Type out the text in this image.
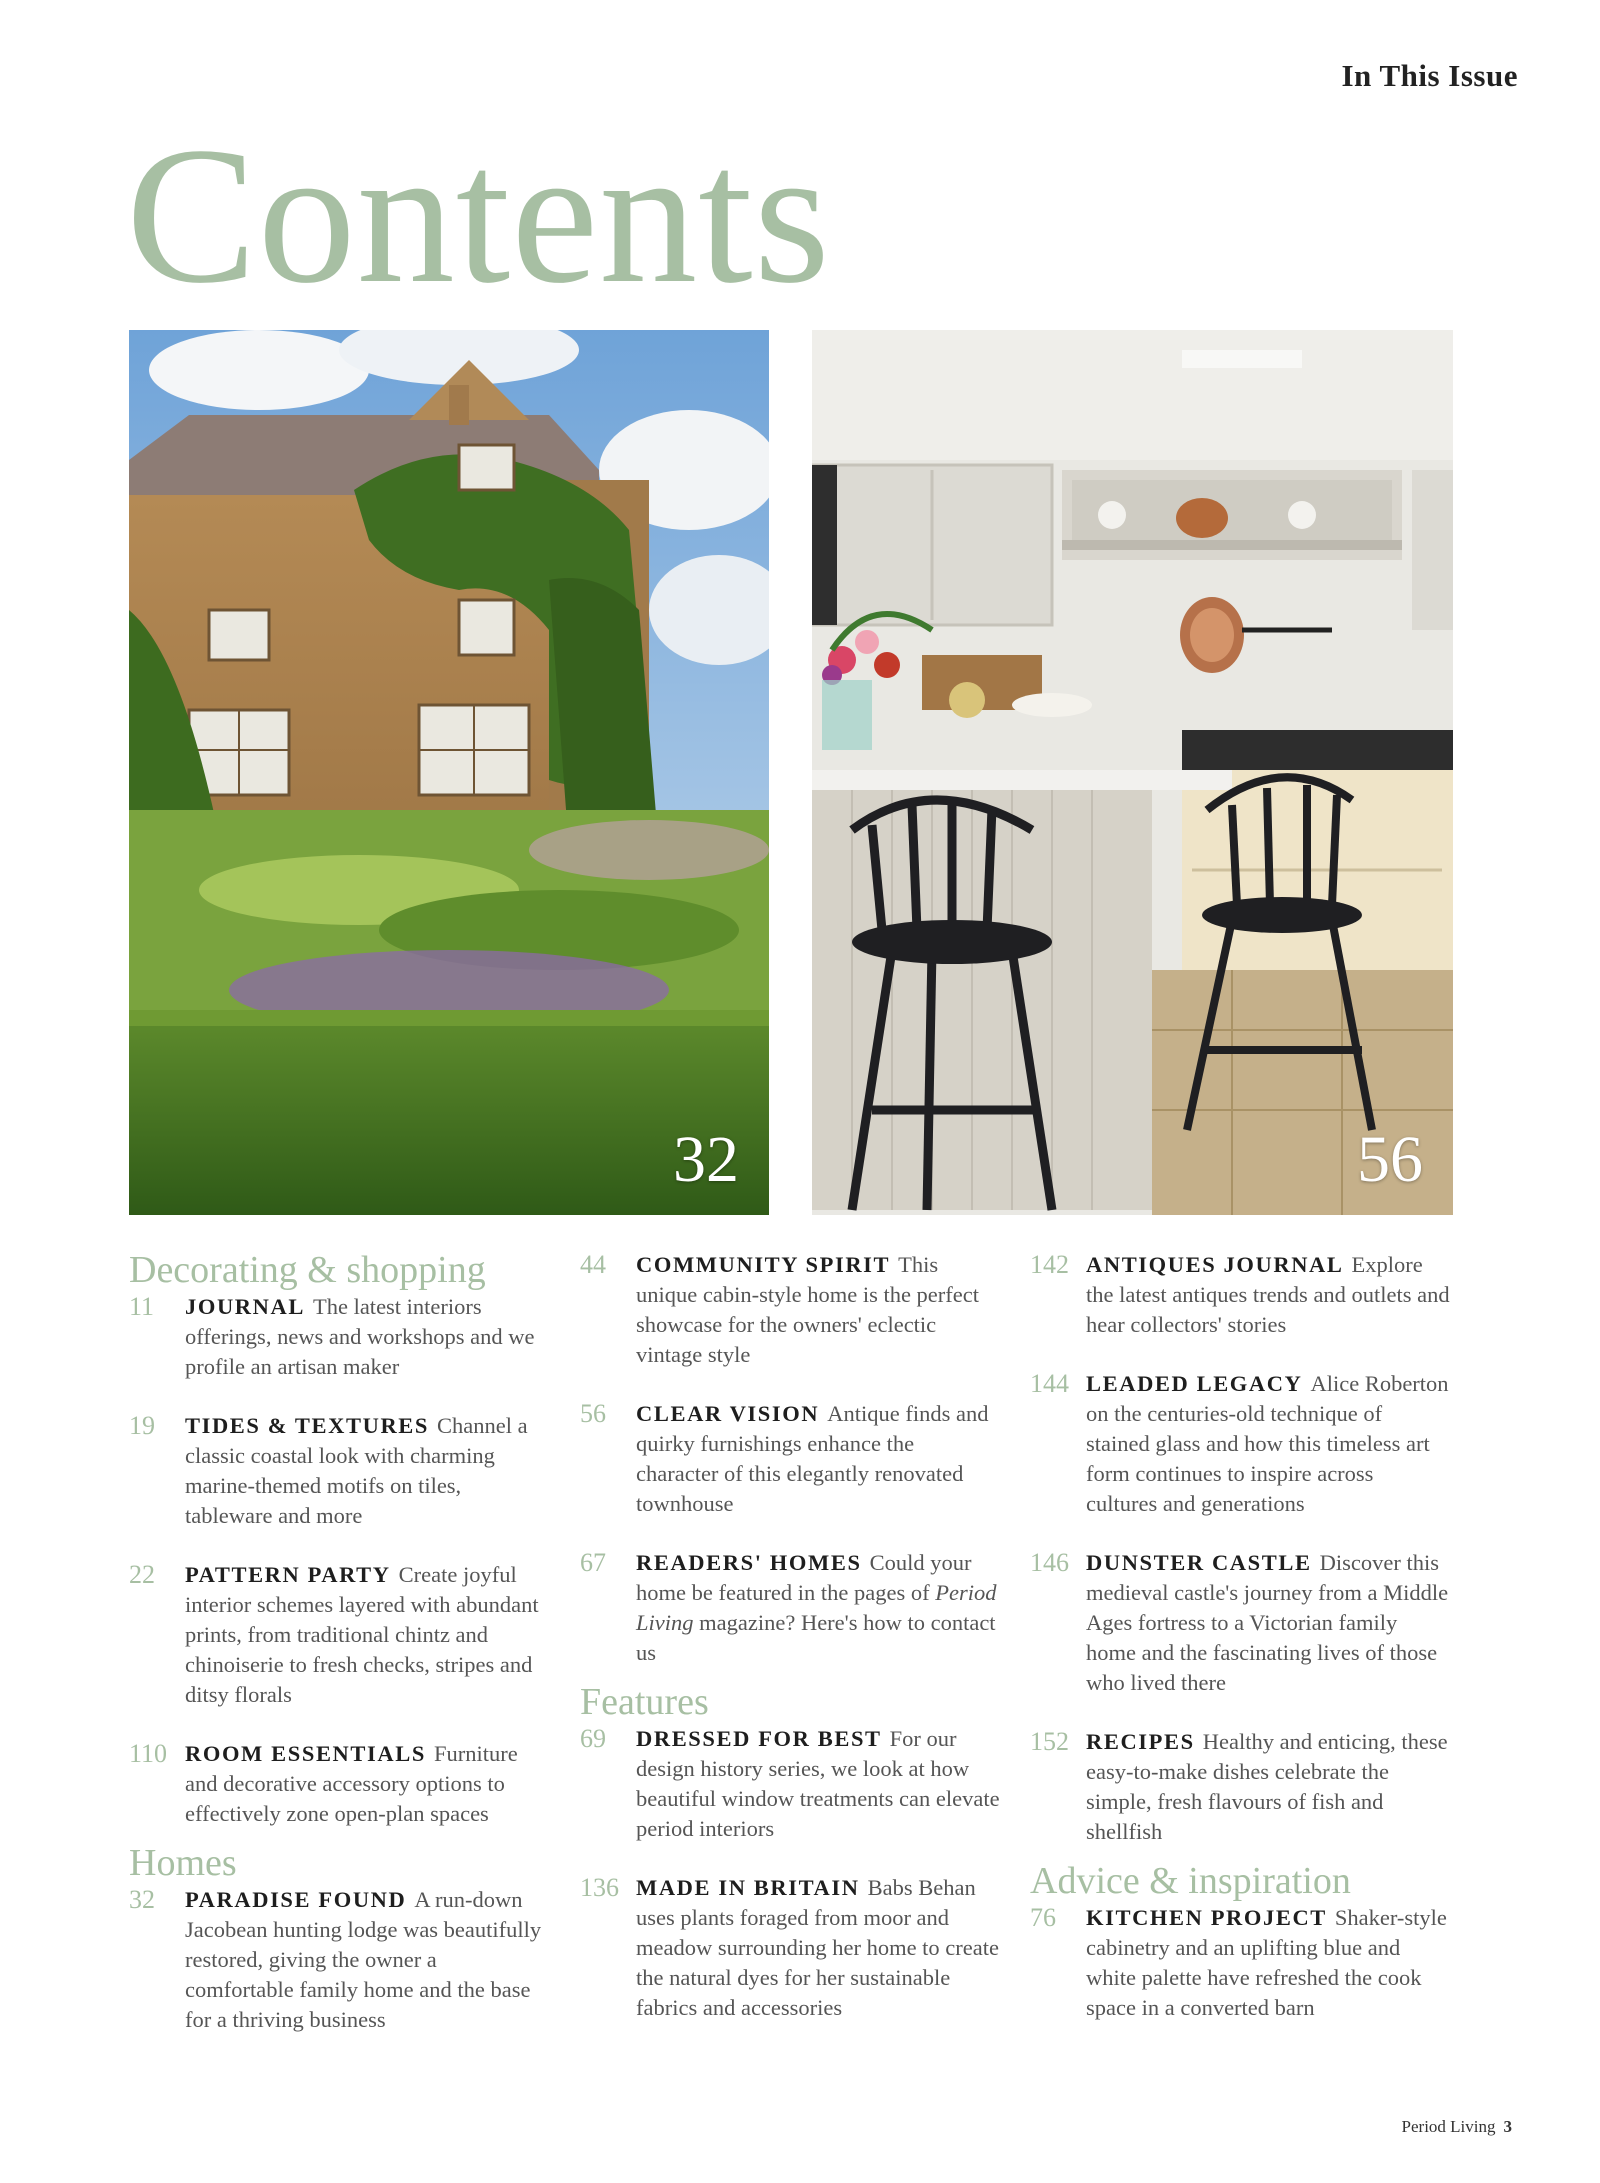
In This Issue
Contents
32	56
Decorating & shopping
11 JOURNAL The latest interiors offerings, news and workshops and we profile an artisan maker
19 TIDES & TEXTURES Channel a classic coastal look with charming marine-themed motifs on tiles, tableware and more
22 PATTERN PARTY Create joyful interior schemes layered with abundant prints, from traditional chintz and chinoiserie to fresh checks, stripes and ditsy florals
110 ROOM ESSENTIALS Furniture and decorative accessory options to effectively zone open-plan spaces
Homes
32 PARADISE FOUND A run-down Jacobean hunting lodge was beautifully restored, giving the owner a comfortable family home and the base for a thriving business
44 COMMUNITY SPIRIT This unique cabin-style home is the perfect showcase for the owners' eclectic vintage style
56 CLEAR VISION Antique finds and quirky furnishings enhance the character of this elegantly renovated townhouse
67 READERS' HOMES Could your home be featured in the pages of Period Living magazine? Here's how to contact us
Features
69 DRESSED FOR BEST For our design history series, we look at how beautiful window treatments can elevate period interiors
136 MADE IN BRITAIN Babs Behan uses plants foraged from moor and meadow surrounding her home to create the natural dyes for her sustainable fabrics and accessories
142 ANTIQUES JOURNAL Explore the latest antiques trends and outlets and hear collectors' stories
144 LEADED LEGACY Alice Roberton on the centuries-old technique of stained glass and how this timeless art form continues to inspire across cultures and generations
146 DUNSTER CASTLE Discover this medieval castle's journey from a Middle Ages fortress to a Victorian family home and the fascinating lives of those who lived there
152 RECIPES Healthy and enticing, these easy-to-make dishes celebrate the simple, fresh flavours of fish and shellfish
Advice & inspiration
76 KITCHEN PROJECT Shaker-style cabinetry and an uplifting blue and white palette have refreshed the cook space in a converted barn
Period Living 3
